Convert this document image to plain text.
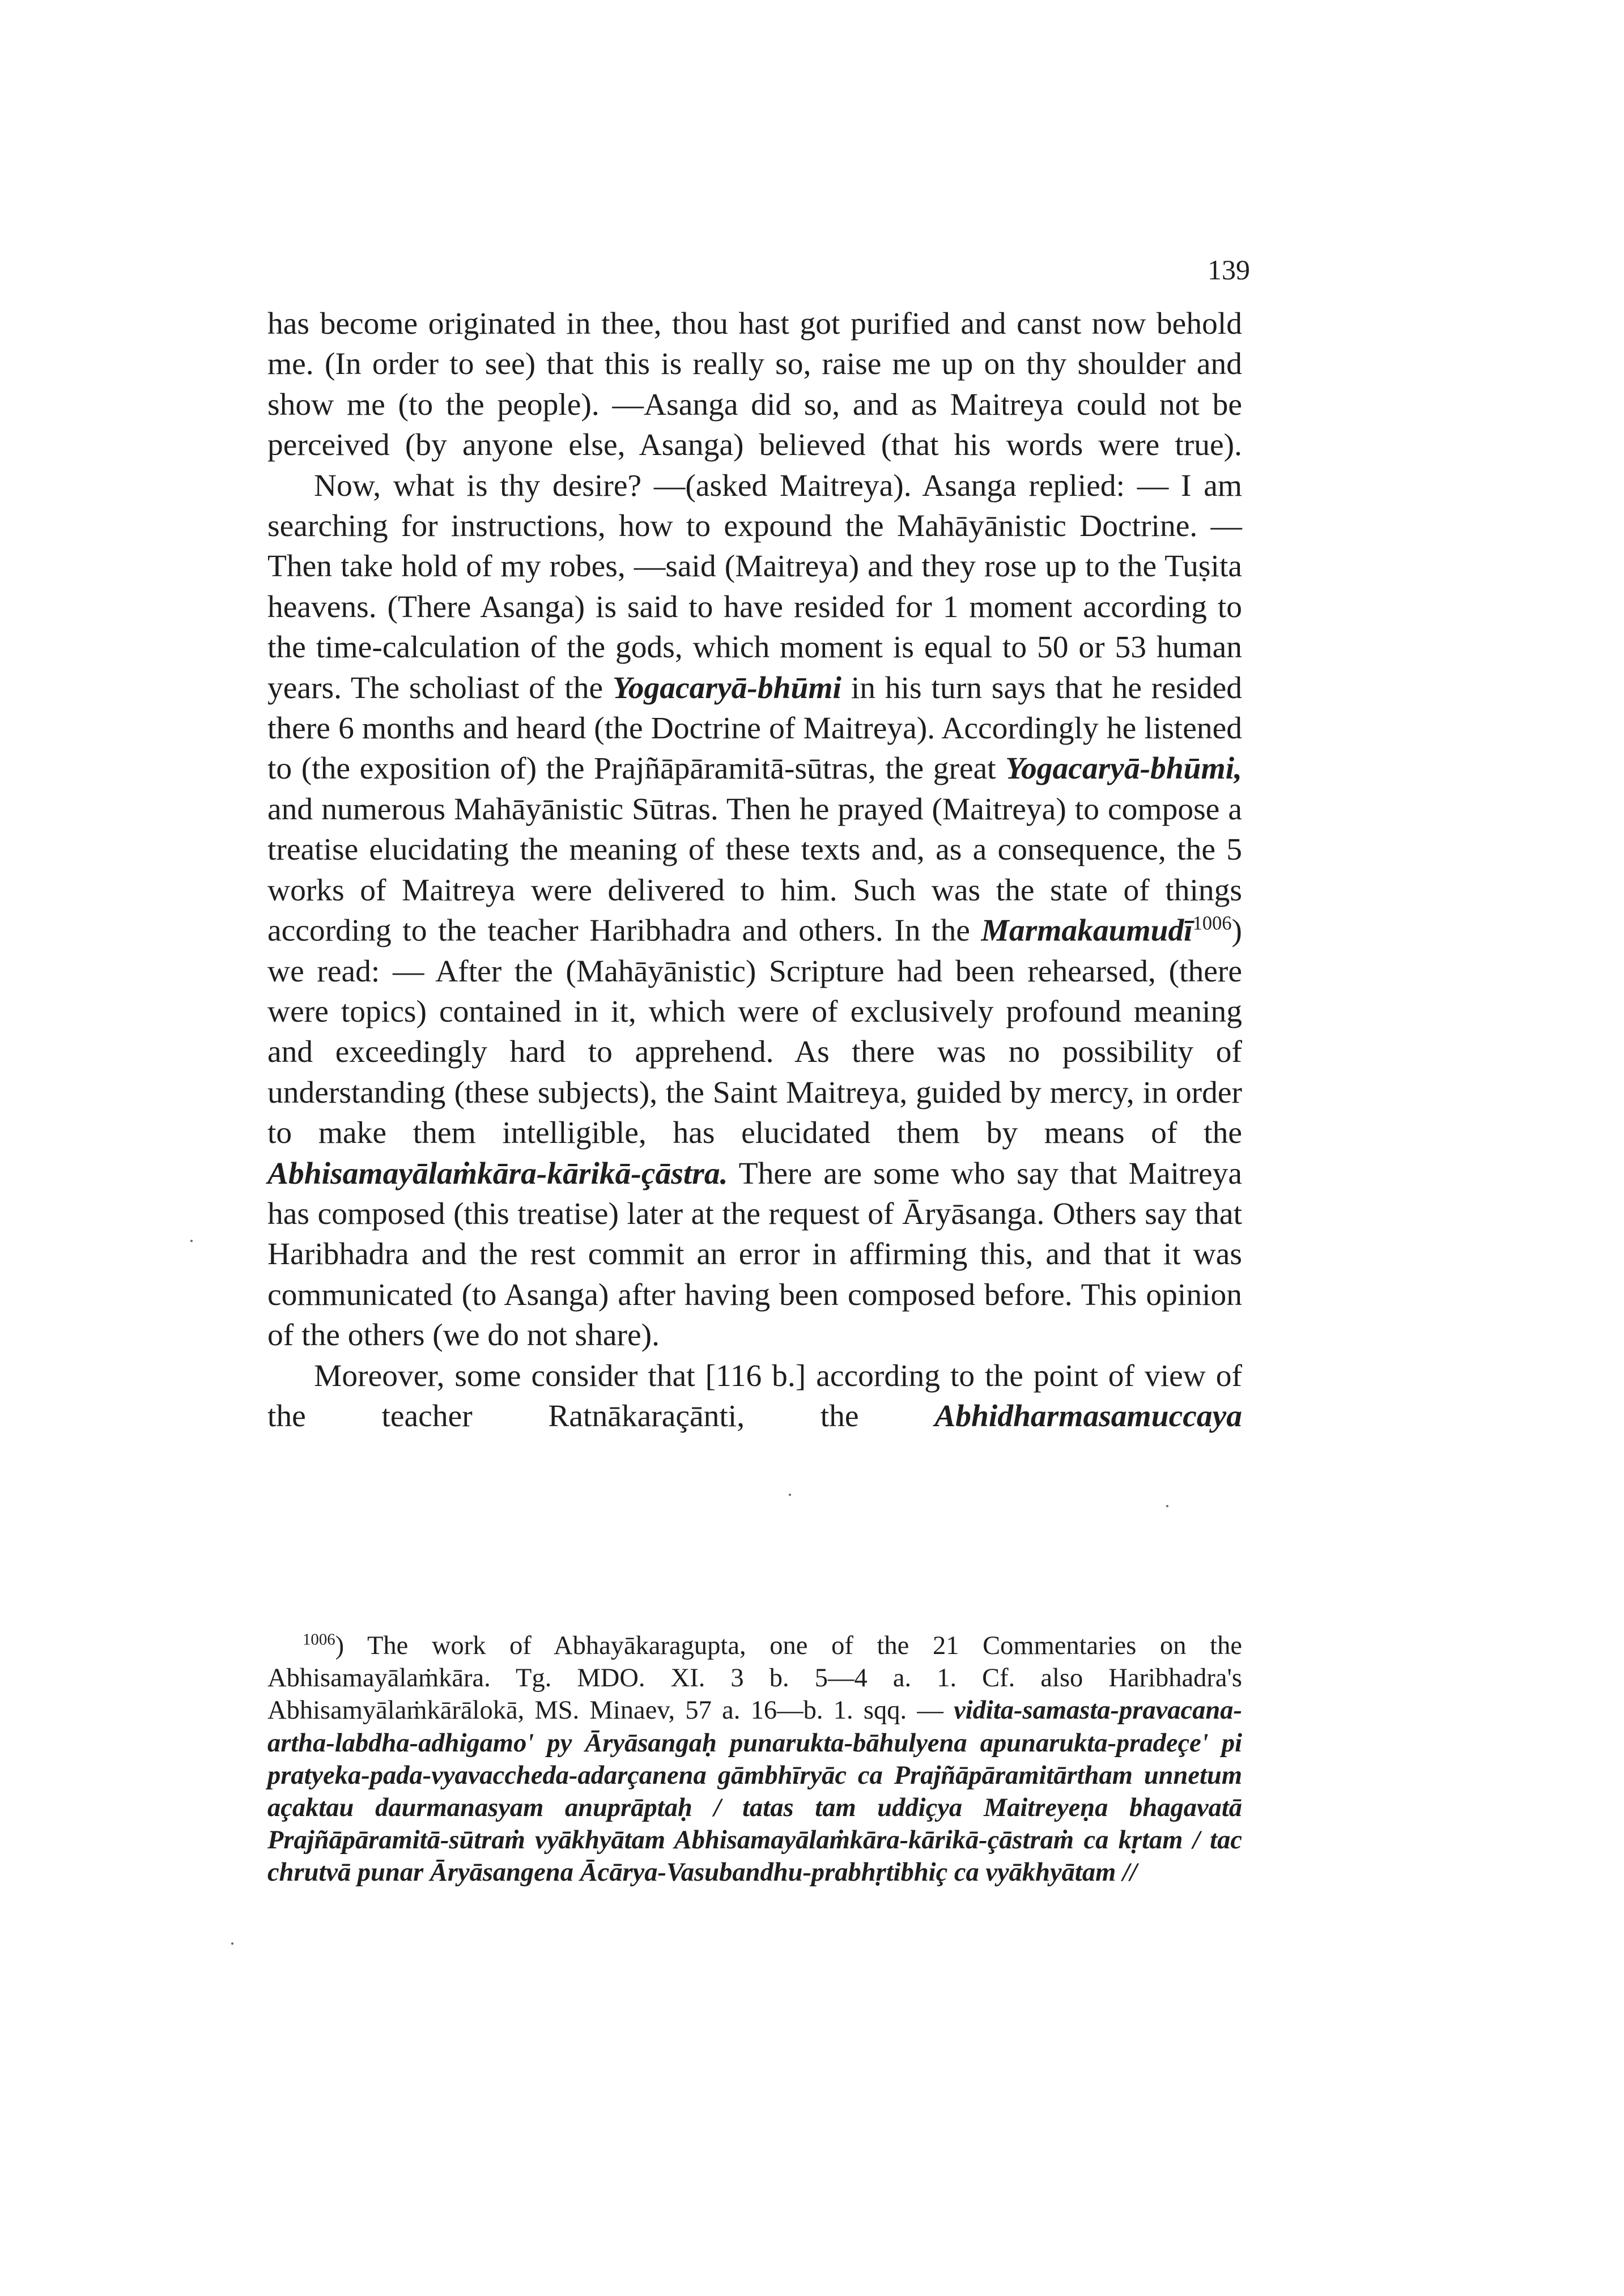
139

has become originated in thee, thou hast got purified and canst now behold me. (In order to see) that this is really so, raise me up on thy shoulder and show me (to the people). —Asanga did so, and as Maitreya could not be perceived (by anyone else, Asanga) believed (that his words were true).

Now, what is thy desire? —(asked Maitreya). Asanga replied: — I am searching for instructions, how to expound the Mahāyānistic Doctrine. —Then take hold of my robes, —said (Maitreya) and they rose up to the Tuṣita heavens. (There Asanga) is said to have resided for 1 moment according to the time-calculation of the gods, which moment is equal to 50 or 53 human years. The scholiast of the Yogacaryā-bhūmi in his turn says that he resided there 6 months and heard (the Doctrine of Maitreya). Accordingly he listened to (the exposition of) the Prajñāpāramitā-sūtras, the great Yogacaryā-bhūmi, and numerous Mahāyānistic Sūtras. Then he prayed (Maitreya) to compose a treatise elucidating the meaning of these texts and, as a consequence, the 5 works of Maitreya were delivered to him. Such was the state of things according to the teacher Haribhadra and others. In the Marmakaumudī$^{1006}$) we read: — After the (Mahāyānistic) Scripture had been rehearsed, (there were topics) contained in it, which were of exclusively profound meaning and exceedingly hard to apprehend. As there was no possibility of understanding (these subjects), the Saint Maitreya, guided by mercy, in order to make them intelligible, has elucidated them by means of the Abhisamayālaṁkāra-kārikā-çāstra. There are some who say that Maitreya has composed (this treatise) later at the request of Āryāsanga. Others say that Haribhadra and the rest commit an error in affirming this, and that it was communicated (to Asanga) after having been composed before. This opinion of the others (we do not share).

Moreover, some consider that [116 b.] according to the point of view of the teacher Ratnākaraçānti, the Abhidharmasamuccaya

$^{1006}$) The work of Abhayākaragupta, one of the 21 Commentaries on the Abhisamayālaṁkāra. Tg. MDO. XI. 3 b. 5—4 a. 1. Cf. also Haribhadra's Abhisamyālaṁkārālokā, MS. Minaev, 57 a. 16—b. 1. sqq. — vidita-samasta-pravacana-artha-labdha-adhigamo' py Āryāsangaḥ punarukta-bāhulyena apunarukta-pradeçe' pi pratyeka-pada-vyavaccheda-adarçanena gāmbhīryāc ca Prajñāpāramitārtham unnetum açaktau daurmanasyam anuprāptaḥ / tatas tam uddiçya Maitreyeṇa bhagavatā Prajñāpāramitā-sūtraṁ vyākhyātam Abhisamayālaṁkāra-kārikā-çāstraṁ ca kṛtam / tac chrutvā punar Āryāsangena Ācārya-Vasubandhu-prabhṛtibhiç ca vyākhyātam //
